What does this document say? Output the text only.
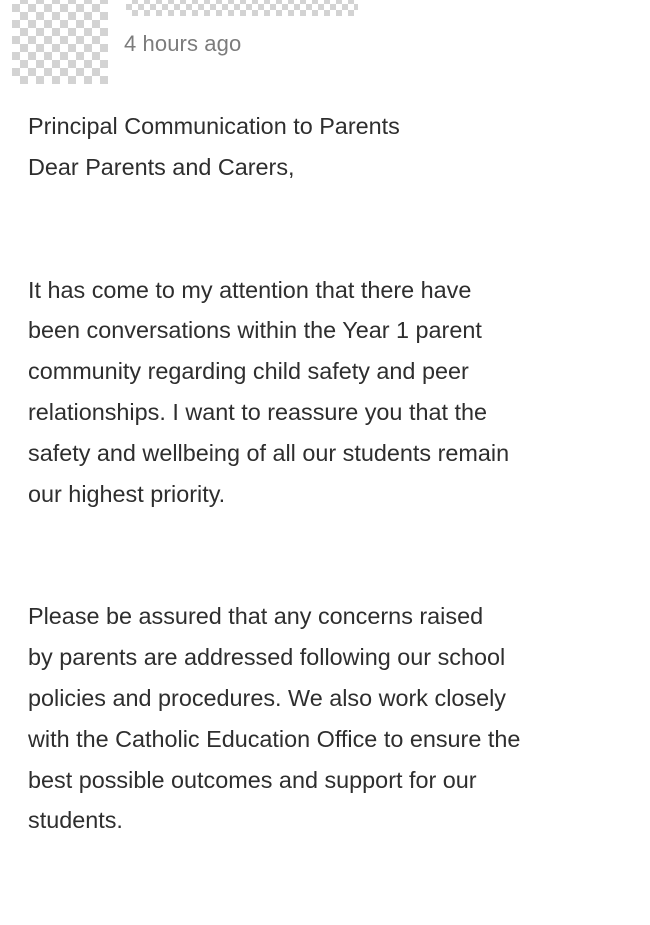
4 hours ago

Principal Communication to Parents

Dear Parents and Carers,

It has come to my attention that there have
been conversations within the Year 1 parent
community regarding child safety and peer
relationships. I want to reassure you that the
safety and wellbeing of all our students remain
our highest priority.

Please be assured that any concerns raised
by parents are addressed following our school
policies and procedures. We also work closely
with the Catholic Education Office to ensure the
best possible outcomes and support for our
students.
